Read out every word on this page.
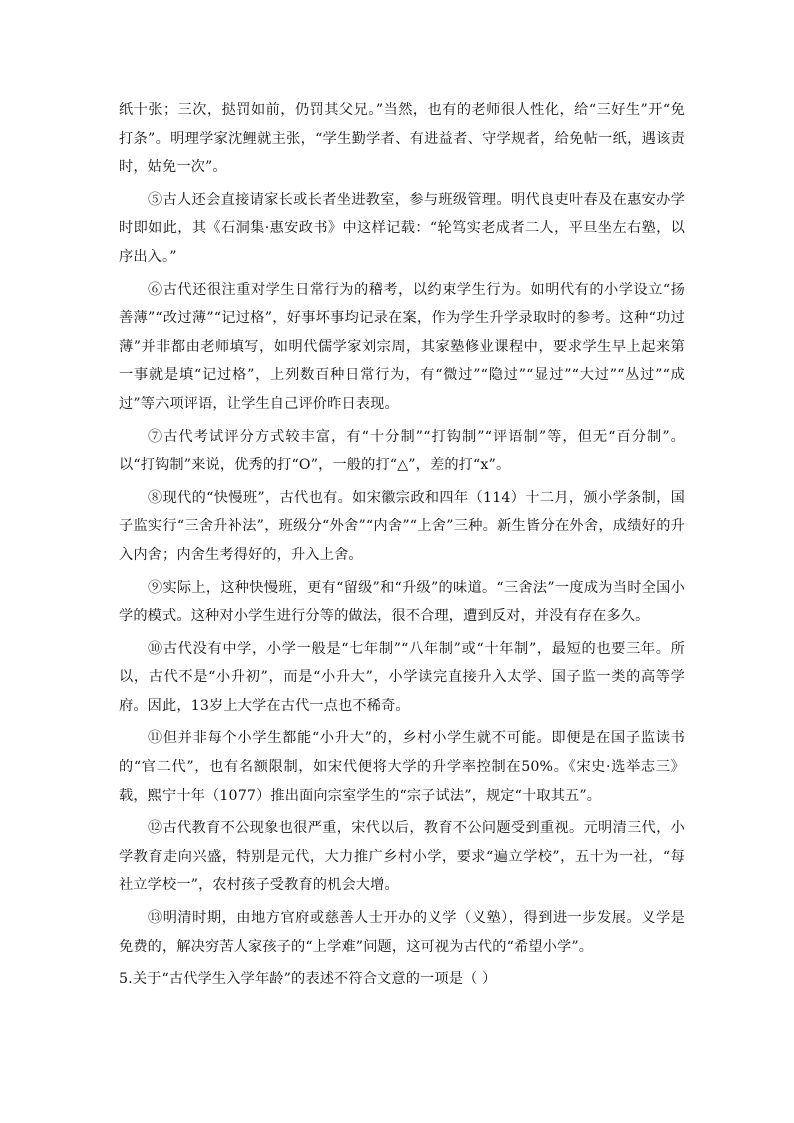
纸十张；三次，挞罚如前，仍罚其父兄。”当然，也有的老师很人性化，给“三好生”开“免打条”。明理学家沈鲤就主张，“学生勤学者、有进益者、守学规者，给免帖一纸，遇该责时，姑免一次”。

⑤古人还会直接请家长或长者坐进教室，参与班级管理。明代良吏叶春及在惠安办学时即如此，其《石洞集·惠安政书》中这样记载：“轮笃实老成者二人，平旦坐左右塾，以序出入。”

⑥古代还很注重对学生日常行为的稽考，以约束学生行为。如明代有的小学设立“扬善薄”“改过薄”“记过格”，好事坏事均记录在案，作为学生升学录取时的参考。这种“功过薄”并非都由老师填写，如明代儒学家刘宗周，其家塾修业课程中，要求学生早上起来第一事就是填“记过格”，上列数百种日常行为，有“微过”“隐过”“显过”“大过”“丛过”“成过”等六项评语，让学生自己评价昨日表现。

⑦古代考试评分方式较丰富，有“十分制”“打钩制”“评语制”等，但无“百分制”。以“打钩制”来说，优秀的打“O”，一般的打“△”，差的打“x”。

⑧现代的“快慢班”，古代也有。如宋徽宗政和四年（114）十二月，颁小学条制，国子监实行“三舍升补法”，班级分“外舍”“内舍”“上舍”三种。新生皆分在外舍，成绩好的升入内舍；内舍生考得好的，升入上舍。

⑨实际上，这种快慢班，更有“留级”和“升级”的味道。“三舍法”一度成为当时全国小学的模式。这种对小学生进行分等的做法，很不合理，遭到反对，并没有存在多久。

⑩古代没有中学，小学一般是“七年制”“八年制”或“十年制”，最短的也要三年。所以，古代不是“小升初”，而是“小升大”，小学读完直接升入太学、国子监一类的高等学府。因此，13岁上大学在古代一点也不稀奇。

⑪但并非每个小学生都能“小升大”的，乡村小学生就不可能。即便是在国子监读书的“官二代”，也有名额限制，如宋代便将大学的升学率控制在50%。《宋史·选举志三》载，熙宁十年（1077）推出面向宗室学生的“宗子试法”，规定“十取其五”。

⑫古代教育不公现象也很严重，宋代以后，教育不公问题受到重视。元明清三代，小学教育走向兴盛，特别是元代，大力推广乡村小学，要求“遍立学校”，五十为一社，“每社立学校一”，农村孩子受教育的机会大增。

⑬明清时期，由地方官府或慈善人士开办的义学（义塾），得到进一步发展。义学是免费的，解决穷苦人家孩子的“上学难”问题，这可视为古代的“希望小学”。

5.关于“古代学生入学年龄”的表述不符合文意的一项是（ ）
